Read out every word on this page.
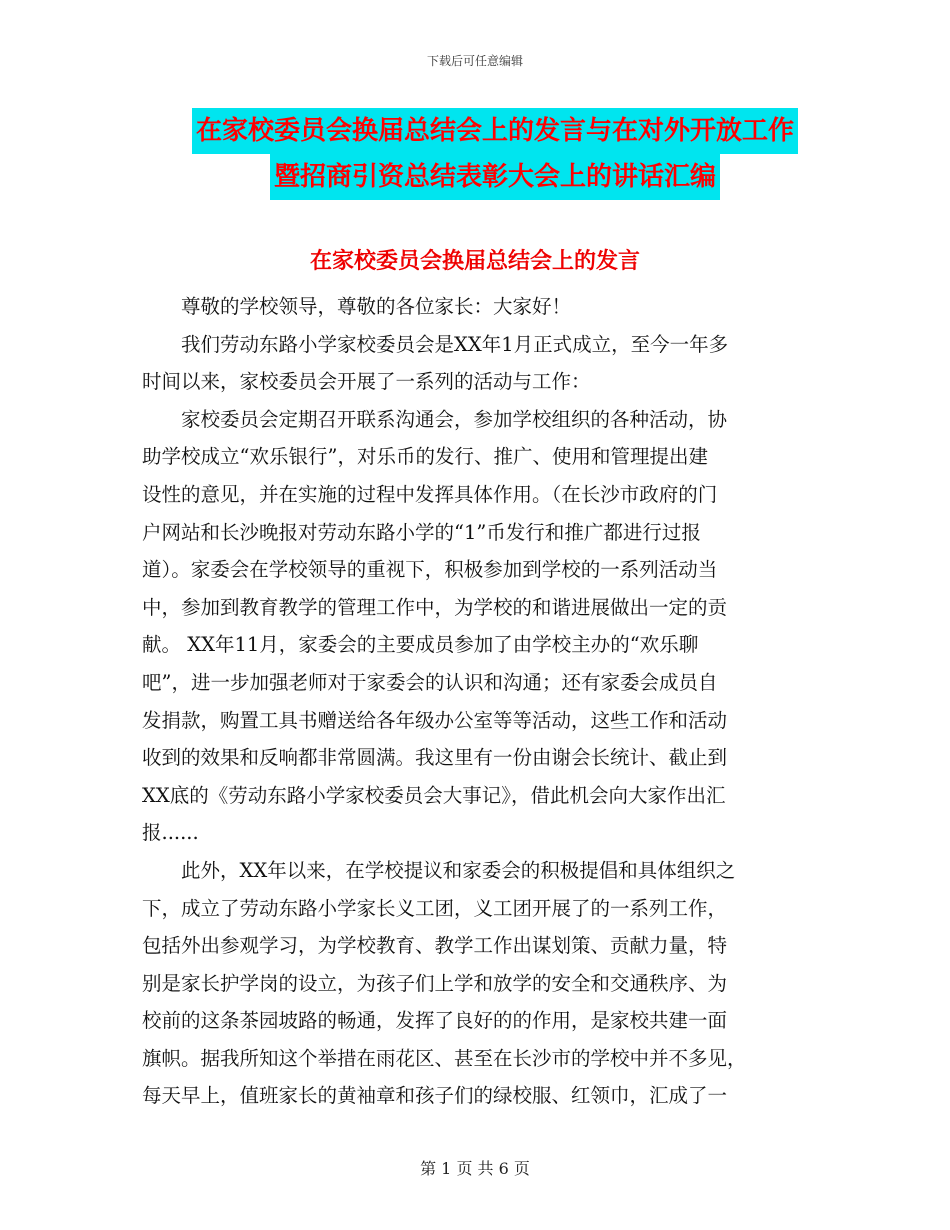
下载后可任意编辑
在家校委员会换届总结会上的发言与在对外开放工作
暨招商引资总结表彰大会上的讲话汇编
在家校委员会换届总结会上的发言
　　尊敬的学校领导，尊敬的各位家长：大家好！
　　我们劳动东路小学家校委员会是XX年1月正式成立，至今一年多
时间以来，家校委员会开展了一系列的活动与工作：
　　家校委员会定期召开联系沟通会，参加学校组织的各种活动，协
助学校成立“欢乐银行”，对乐币的发行、推广、使用和管理提出建
设性的意见，并在实施的过程中发挥具体作用。（在长沙市政府的门
户网站和长沙晚报对劳动东路小学的“1”币发行和推广都进行过报
道）。家委会在学校领导的重视下，积极参加到学校的一系列活动当
中，参加到教育教学的管理工作中，为学校的和谐进展做出一定的贡
献。 XX年11月，家委会的主要成员参加了由学校主办的“欢乐聊
吧”，进一步加强老师对于家委会的认识和沟通；还有家委会成员自
发捐款，购置工具书赠送给各年级办公室等等活动，这些工作和活动
收到的效果和反响都非常圆满。我这里有一份由谢会长统计、截止到
XX底的《劳动东路小学家校委员会大事记》，借此机会向大家作出汇
报......
　　此外，XX年以来，在学校提议和家委会的积极提倡和具体组织之
下，成立了劳动东路小学家长义工团，义工团开展了的一系列工作，
包括外出参观学习，为学校教育、教学工作出谋划策、贡献力量，特
别是家长护学岗的设立，为孩子们上学和放学的安全和交通秩序、为
校前的这条茶园坡路的畅通，发挥了良好的的作用，是家校共建一面
旗帜。据我所知这个举措在雨花区、甚至在长沙市的学校中并不多见，
每天早上，值班家长的黄袖章和孩子们的绿校服、红领巾，汇成了一
第 1 页 共 6 页
